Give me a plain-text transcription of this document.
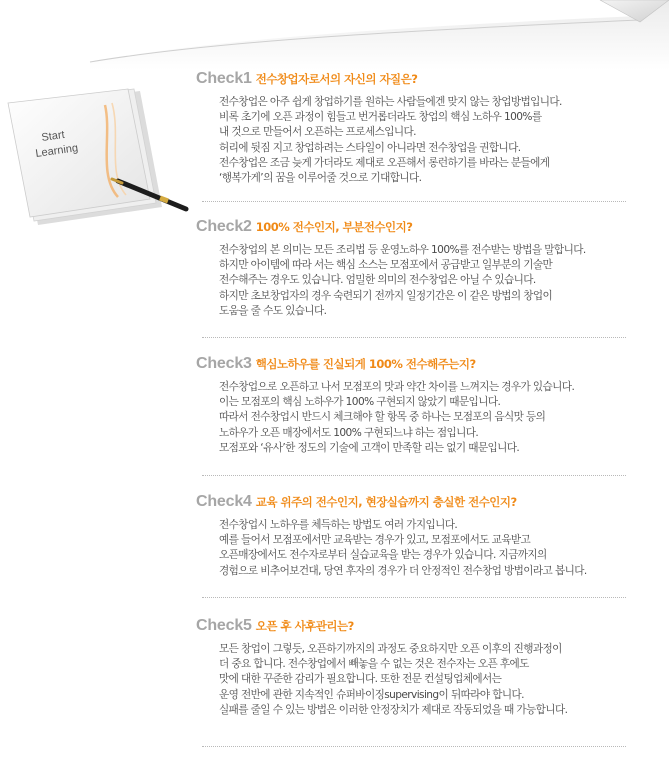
Start
Learning
Check1 전수창업자로서의 자신의 자질은?
전수창업은 아주 쉽게 창업하기를 원하는 사람들에겐 맞지 않는 창업방법입니다.
비록 초기에 오픈 과정이 힘들고 번거롭더라도 창업의 핵심 노하우 100%를
내 것으로 만들어서 오픈하는 프로세스입니다.
허리에 뒷짐 지고 창업하려는 스타일이 아니라면 전수창업을 권합니다.
전수창업은 조금 늦게 가더라도 제대로 오픈해서 롱런하기를 바라는 분들에게
‘행복가게’의 꿈을 이루어줄 것으로 기대합니다.
Check2 100% 전수인지, 부분전수인지?
전수창업의 본 의미는 모든 조리법 등 운영노하우 100%를 전수받는 방법을 말합니다.
하지만 아이템에 따라 서는 핵심 소스는 모점포에서 공급받고 일부분의 기술만
전수해주는 경우도 있습니다. 엄밀한 의미의 전수창업은 아닐 수 있습니다.
하지만 초보창업자의 경우 숙련되기 전까지 일정기간은 이 같은 방법의 창업이
도움을 줄 수도 있습니다.
Check3 핵심노하우를 진실되게 100% 전수해주는지?
전수창업으로 오픈하고 나서 모점포의 맛과 약간 차이를 느껴지는 경우가 있습니다.
이는 모점포의 핵심 노하우가 100% 구현되지 않았기 때문입니다.
따라서 전수창업시 반드시 체크해야 할 항목 중 하나는 모점포의 음식맛 등의
노하우가 오픈 매장에서도 100% 구현되느냐 하는 점입니다.
모점포와 ‘유사’한 정도의 기술에 고객이 만족할 리는 없기 때문입니다.
Check4 교육 위주의 전수인지, 현장실습까지 충실한 전수인지?
전수창업시 노하우를 체득하는 방법도 여러 가지입니다.
예를 들어서 모점포에서만 교육받는 경우가 있고, 모점포에서도 교육받고
오픈매장에서도 전수자로부터 실습교육을 받는 경우가 있습니다. 지금까지의
경험으로 비추어보건대, 당연 후자의 경우가 더 안정적인 전수창업 방법이라고 봅니다.
Check5 오픈 후 사후관리는?
모든 창업이 그렇듯, 오픈하기까지의 과정도 중요하지만 오픈 이후의 진행과정이
더 중요 합니다. 전수창업에서 빼놓을 수 없는 것은 전수자는 오픈 후에도
맛에 대한 꾸준한 감리가 필요합니다. 또한 전문 컨설팅업체에서는
운영 전반에 관한 지속적인 슈퍼바이징supervising이 뒤따라야 합니다.
실패를 줄일 수 있는 방법은 이러한 안정장치가 제대로 작동되었을 때 가능합니다.
